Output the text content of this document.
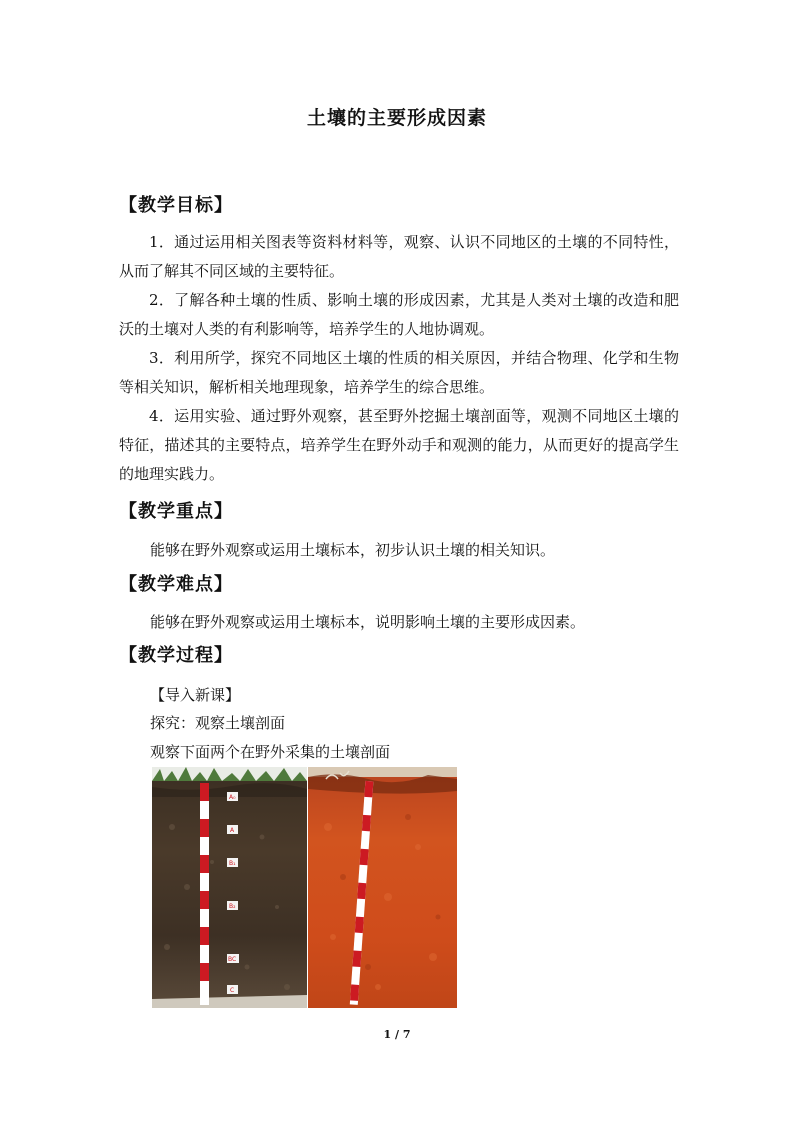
土壤的主要形成因素
【教学目标】

1．通过运用相关图表等资料材料等，观察、认识不同地区的土壤的不同特性，从而了解其不同区域的主要特征。

2．了解各种土壤的性质、影响土壤的形成因素，尤其是人类对土壤的改造和肥沃的土壤对人类的有利影响等，培养学生的人地协调观。

3．利用所学，探究不同地区土壤的性质的相关原因，并结合物理、化学和生物等相关知识，解析相关地理现象，培养学生的综合思维。

4．运用实验、通过野外观察，甚至野外挖掘土壤剖面等，观测不同地区土壤的特征，描述其的主要特点，培养学生在野外动手和观测的能力，从而更好的提高学生的地理实践力。

【教学重点】
能够在野外观察或运用土壤标本，初步认识土壤的相关知识。
【教学难点】
能够在野外观察或运用土壤标本，说明影响土壤的主要形成因素。
【教学过程】
【导入新课】
探究：观察土壤剖面
观察下面两个在野外采集的土壤剖面
A₀
A
B₁
B₂
BC
C
1 / 7
